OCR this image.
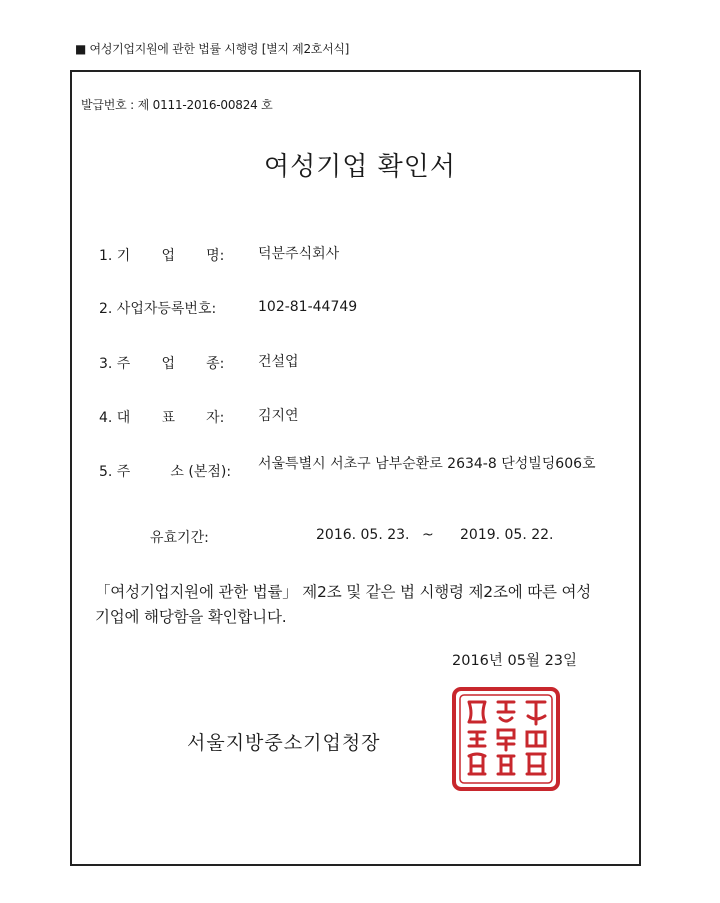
■ 여성기업지원에 관한 법률 시행령 [별지 제2호서식]
발급번호 : 제 0111-2016-00824 호
여성기업 확인서
1. 기       업       명: 덕분주식회사
2. 사업자등록번호:	102-81-44749
3. 주       업       종: 건설업
4. 대       표       자: 김지연
5. 주         소 (본점): 서울특별시 서초구 남부순환로 2634-8 단성빌딩606호
유효기간:	2016. 05. 23. ~ 2019. 05. 22.
「여성기업지원에 관한 법률」 제2조 및 같은 법 시행령 제2조에 따른 여성기업에 해당함을 확인합니다.
2016년 05월 23일
서울지방중소기업청장
